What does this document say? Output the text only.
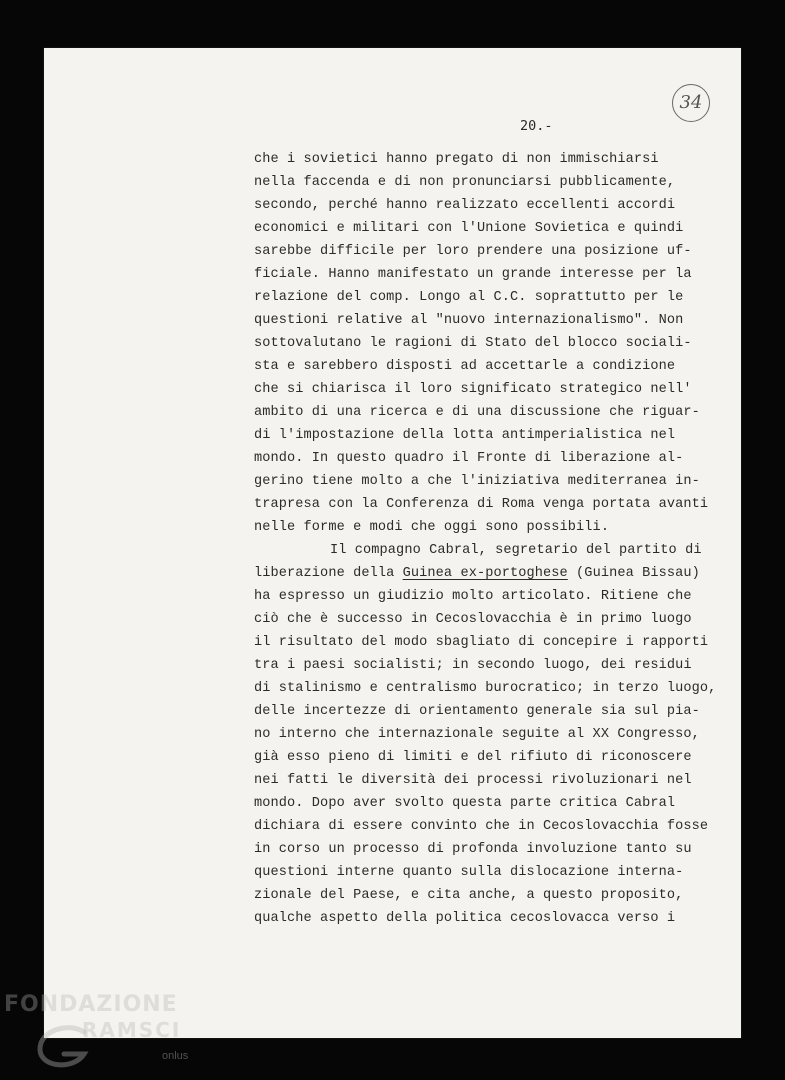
34
20.-
che i sovietici hanno pregato di non immischiarsi
nella faccenda e di non pronunciarsi pubblicamente,
secondo, perché hanno realizzato eccellenti accordi
economici e militari con l'Unione Sovietica e quindi
sarebbe difficile per loro prendere una posizione uf-
ficiale. Hanno manifestato un grande interesse per la
relazione del comp. Longo al C.C. soprattutto per le
questioni relative al "nuovo internazionalismo". Non
sottovalutano le ragioni di Stato del blocco sociali-
sta e sarebbero disposti ad accettarle a condizione
che si chiarisca il loro significato strategico nell'
ambito di una ricerca e di una discussione che riguar-
di l'impostazione della lotta antimperialistica nel
mondo. In questo quadro il Fronte di liberazione al-
gerino tiene molto a che l'iniziativa mediterranea in-
trapresa con la Conferenza di Roma venga portata avanti
nelle forme e modi che oggi sono possibili.
Il compagno Cabral, segretario del partito di
liberazione della Guinea ex-portoghese (Guinea Bissau)
ha espresso un giudizio molto articolato. Ritiene che
ciò che è successo in Cecoslovacchia è in primo luogo
il risultato del modo sbagliato di concepire i rapporti
tra i paesi socialisti; in secondo luogo, dei residui
di stalinismo e centralismo burocratico; in terzo luogo,
delle incertezze di orientamento generale sia sul pia-
no interno che internazionale seguite al XX Congresso,
già esso pieno di limiti e del rifiuto di riconoscere
nei fatti le diversità dei processi rivoluzionari nel
mondo. Dopo aver svolto questa parte critica Cabral
dichiara di essere convinto che in Cecoslovacchia fosse
in corso un processo di profonda involuzione tanto su
questioni interne quanto sulla dislocazione interna-
zionale del Paese, e cita anche, a questo proposito,
qualche aspetto della politica cecoslovacca verso i
FONDAZIONE
RAMSCI
onlus
